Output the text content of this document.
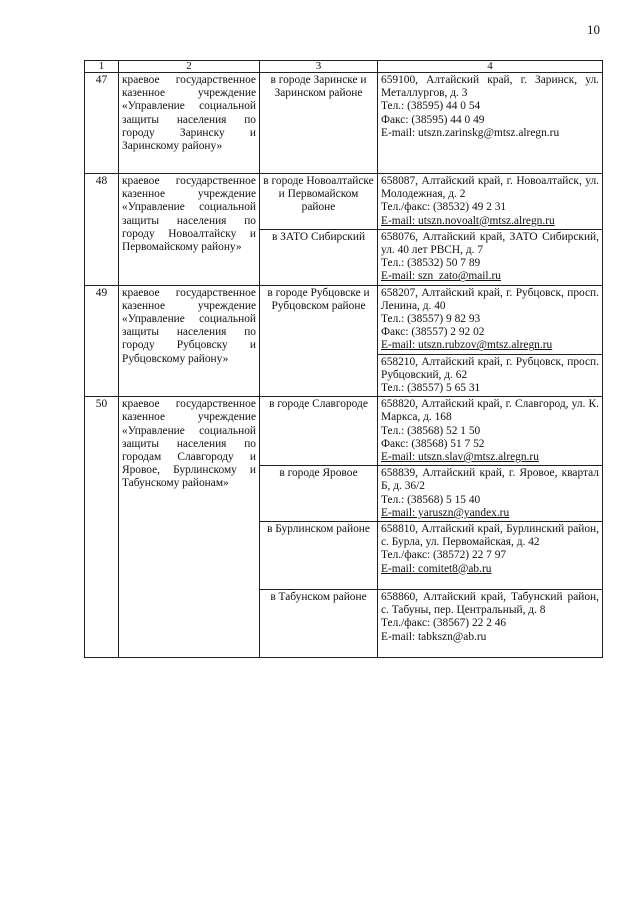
10
1	2	3	4
47	краевое государственное казенное учреждение «Управление социальной защиты населения по городу Заринску и Заринскому району»	в городе Заринске и Заринском районе	659100, Алтайский край, г. Заринск, ул. Металлургов, д. 3
Тел.: (38595) 44 0 54
Факс: (38595) 44 0 49
E-mail: utszn.zarinskg@mtsz.alregn.ru

48	краевое государственное казенное учреждение «Управление социальной защиты населения по городу Новоалтайску и Первомайскому району»	в городе Новоалтайске и Первомайском районе	658087, Алтайский край, г. Новоалтайск, ул. Молодежная, д. 2
Тел./факс: (38532) 49 2 31
E-mail: utszn.novoalt@mtsz.alregn.ru

		в ЗАТО Сибирский	658076, Алтайский край, ЗАТО Сибирский, ул. 40 лет РВСН, д. 7
Тел.: (38532) 50 7 89
E-mail: szn_zato@mail.ru

49	краевое государственное казенное учреждение «Управление социальной защиты населения по городу Рубцовску и Рубцовскому району»	в городе Рубцовске и Рубцовском районе	658207, Алтайский край, г. Рубцовск, просп. Ленина, д. 40
Тел.: (38557) 9 82 93
Факс: (38557) 2 92 02
E-mail: utszn.rubzov@mtsz.alregn.ru

			658210, Алтайский край, г. Рубцовск, просп. Рубцовский, д. 62
Тел.: (38557) 5 65 31

50	краевое государственное казенное учреждение «Управление социальной защиты населения по городам Славгороду и Яровое, Бурлинскому и Табунскому районам»	в городе Славгороде	658820, Алтайский край, г. Славгород, ул. К. Маркса, д. 168
Тел.: (38568) 52 1 50
Факс: (38568) 51 7 52
E-mail: utszn.slav@mtsz.alregn.ru

		в городе Яровое	658839, Алтайский край, г. Яровое, квартал Б, д. 36/2
Тел.: (38568) 5 15 40
E-mail: yaruszn@yandex.ru

		в Бурлинском районе	658810, Алтайский край, Бурлинский район, с. Бурла, ул. Первомайская, д. 42
Тел./факс: (38572) 22 7 97
E-mail: comitet8@ab.ru

		в Табунском районе	658860, Алтайский край, Табунский район, с. Табуны, пер. Центральный, д. 8
Тел./факс: (38567) 22 2 46
E-mail: tabkszn@ab.ru
